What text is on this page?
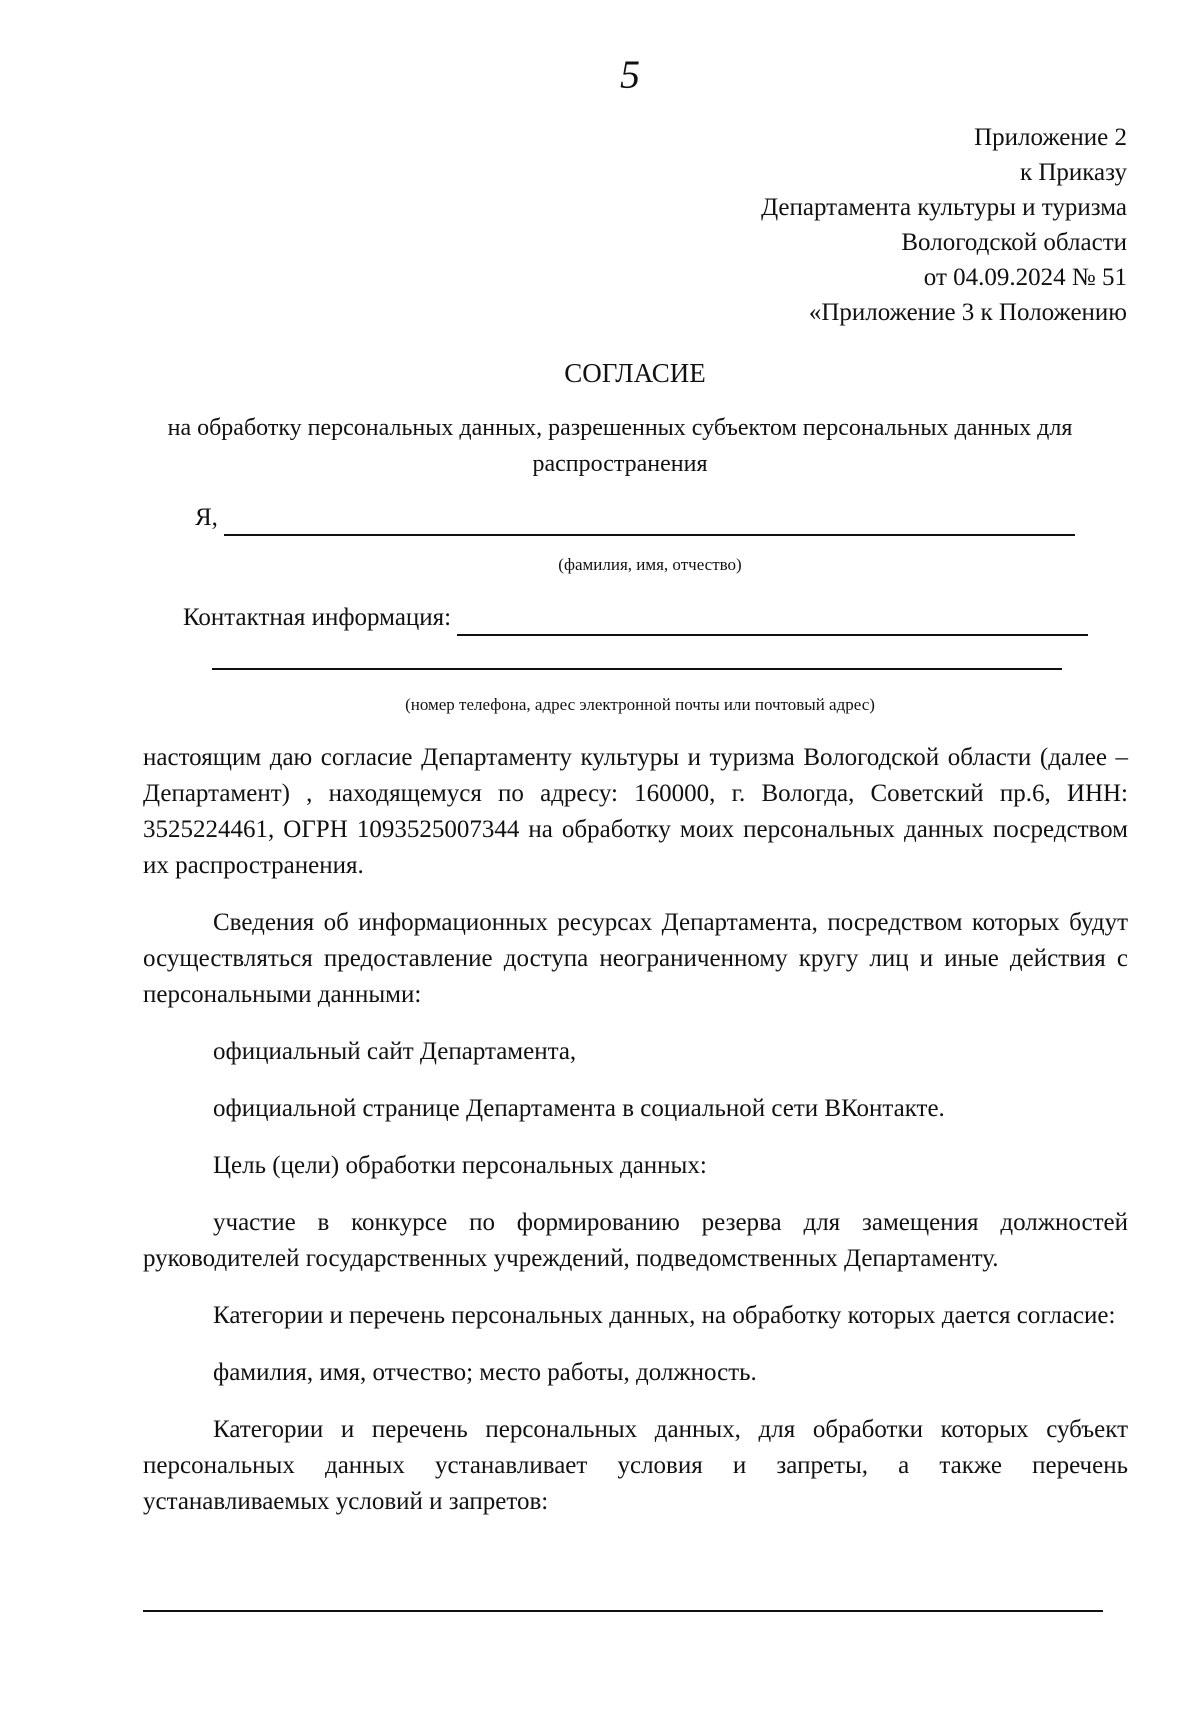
5
Приложение 2
к Приказу
Департамента культуры и туризма
Вологодской области
от 04.09.2024 № 51
«Приложение 3 к Положению
СОГЛАСИЕ
на обработку персональных данных, разрешенных субъектом персональных данных для распространения
Я,
(фамилия, имя, отчество)
Контактная информация:
(номер телефона, адрес электронной почты или почтовый адрес)

настоящим даю согласие Департаменту культуры и туризма Вологодской области (далее – Департамент) , находящемуся по адресу: 160000, г. Вологда, Советский пр.6, ИНН: 3525224461, ОГРН 1093525007344 на обработку моих персональных данных посредством их распространения.

Сведения об информационных ресурсах Департамента, посредством которых будут осуществляться предоставление доступа неограниченному кругу лиц и иные действия с персональными данными:

официальный сайт Департамента,

официальной странице Департамента в социальной сети ВКонтакте.

Цель (цели) обработки персональных данных:

участие в конкурсе по формированию резерва для замещения должностей руководителей государственных учреждений, подведомственных Департаменту.

Категории и перечень персональных данных, на обработку которых дается согласие:

фамилия, имя, отчество; место работы, должность.

Категории и перечень персональных данных, для обработки которых субъект персональных данных устанавливает условия и запреты, а также перечень устанавливаемых условий и запретов:
